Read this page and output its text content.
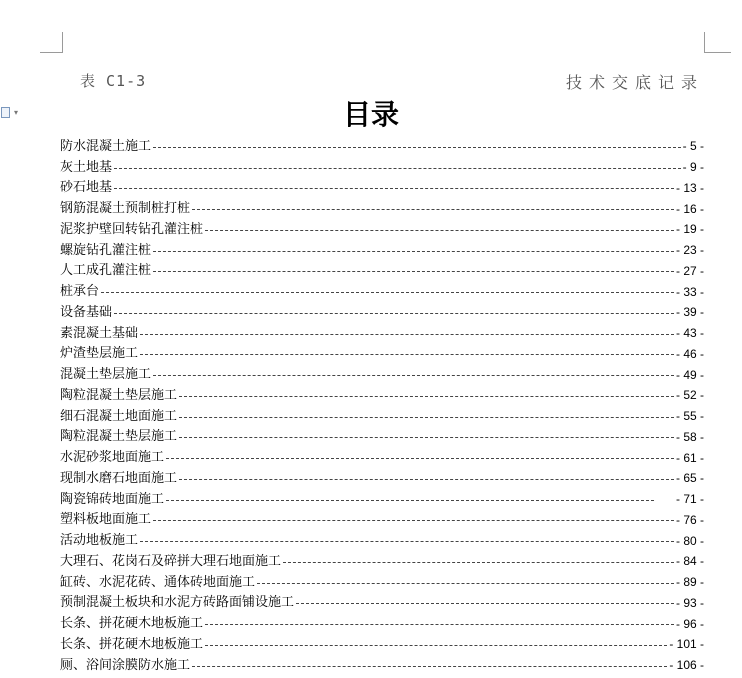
▾
表 C1-3	技术交底记录
目录
防水混凝土施工	- 5 -
灰土地基	- 9 -
砂石地基	- 13 -
钢筋混凝土预制桩打桩	- 16 -
泥浆护壁回转钻孔灌注桩	- 19 -
螺旋钻孔灌注桩	- 23 -
人工成孔灌注桩	- 27 -
桩承台	- 33 -
设备基础	- 39 -
素混凝土基础	- 43 -
炉渣垫层施工	- 46 -
混凝土垫层施工	- 49 -
陶粒混凝土垫层施工	- 52 -
细石混凝土地面施工	- 55 -
陶粒混凝土垫层施工	- 58 -
水泥砂浆地面施工	- 61 -
现制水磨石地面施工	- 65 -
陶瓷锦砖地面施工	- 71 -
塑料板地面施工	- 76 -
活动地板施工	- 80 -
大理石、花岗石及碎拼大理石地面施工	- 84 -
缸砖、水泥花砖、通体砖地面施工	- 89 -
预制混凝土板块和水泥方砖路面铺设施工	- 93 -
长条、拼花硬木地板施工	- 96 -
长条、拼花硬木地板施工	- 101 -
厕、浴间涂膜防水施工	- 106 -
